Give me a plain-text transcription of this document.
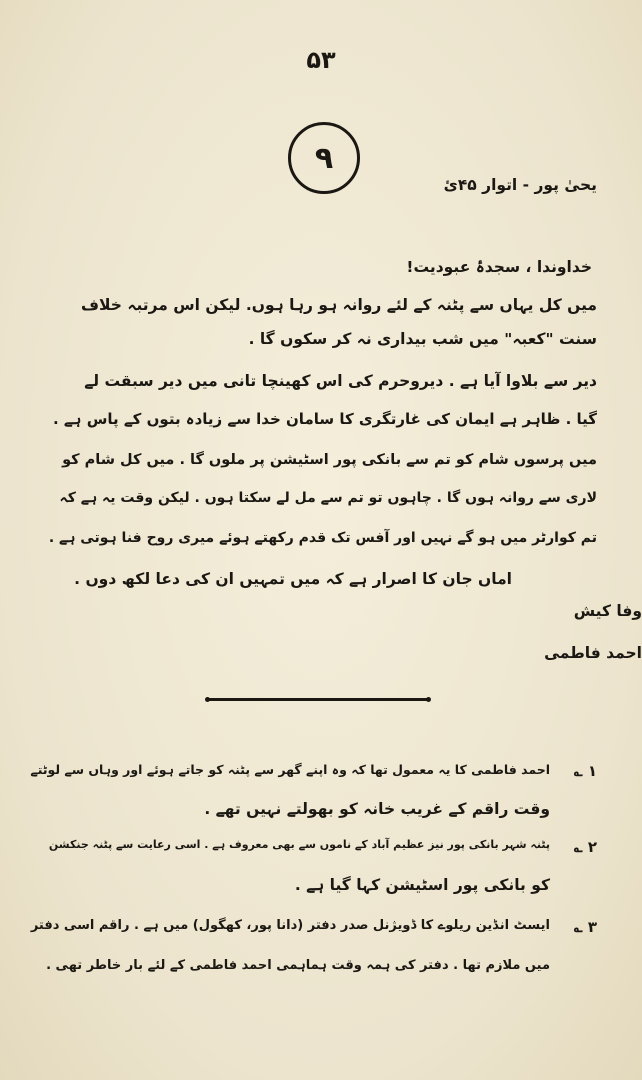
۵۳
۹
یحیٰ پور - اتوار ۴۵ئ
خداوندا ، سجدۂ عبودیت!
میں کل یہاں سے پٹنہ کے لئے روانہ ہو رہا ہوں. لیکن اس مرتبہ خلاف
سنت "کعبہ" میں شب بیداری نہ کر سکوں گا .
دیر سے بلاوا آیا ہے . دیروحرم کی اس کھینچا تانی میں دیر سبقت لے
گیا . ظاہر ہے ایمان کی غارتگری کا سامان خدا سے زیادہ بتوں کے پاس ہے .
میں پرسوں شام کو تم سے بانکی پور اسٹیشن پر ملوں گا . میں کل شام کو
لاری سے روانہ ہوں گا . چاہوں تو تم سے مل لے سکتا ہوں . لیکن وقت یہ ہے کہ
تم کوارٹر میں ہو گے نہیں اور آفس تک قدم رکھتے ہوئے میری روح فنا ہوتی ہے .
اماں جان کا اصرار ہے کہ میں تمہیں ان کی دعا لکھ دوں .
وفا کیش
احمد فاطمی
۱ ؎
احمد فاطمی کا یہ معمول تھا کہ وہ اپنے گھر سے پٹنہ کو جاتے ہوئے اور وہاں سے لوٹتے
وقت راقم کے غریب خانہ کو بھولتے نہیں تھے .
۲ ؎
پٹنہ شہر بانکی پور نیز عظیم آباد کے ناموں سے بھی معروف ہے . اسی رعایت سے پٹنہ جنکشن
کو بانکی پور اسٹیشن کہا گیا ہے .
۳ ؎
ایسٹ انڈین ریلوے کا ڈویژنل صدر دفتر (دانا پور، کھگول) میں ہے . راقم اسی دفتر
میں ملازم تھا . دفتر کی ہمہ وقت ہماہمی احمد فاطمی کے لئے بار خاطر تھی .
